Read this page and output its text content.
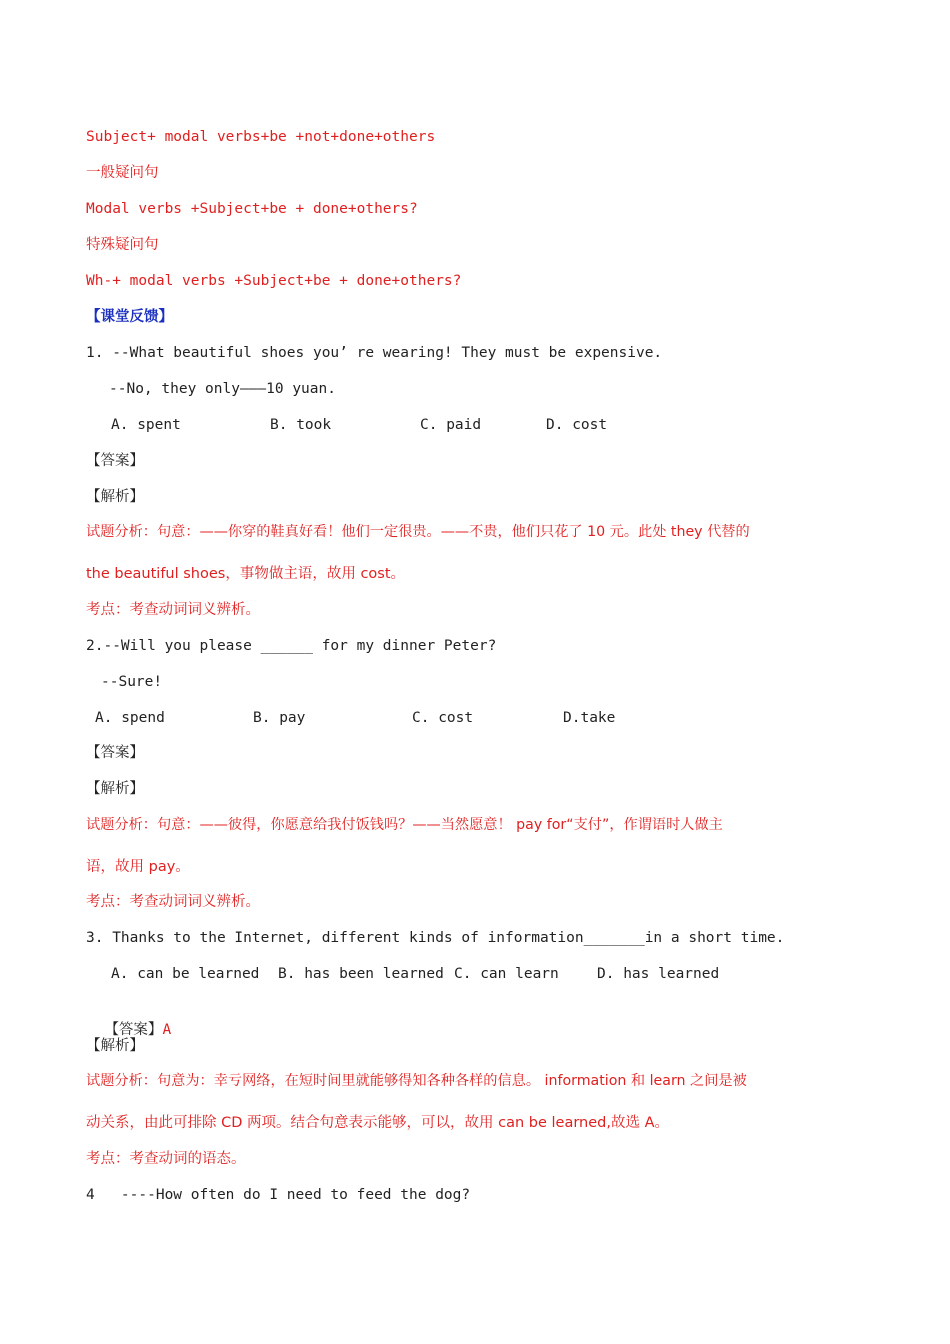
Subject+ modal verbs+be +not+done+others
一般疑问句
Modal verbs +Subject+be + done+others?
特殊疑问句
Wh-+ modal verbs +Subject+be + done+others?
【课堂反馈】
1. --What beautiful shoes you’ re wearing! They must be expensive.
--No, they only———10 yuan.
A. spent	B. took	C. paid	D. cost
【答案】
【解析】
试题分析：句意：——你穿的鞋真好看！他们一定很贵。——不贵，他们只花了 10 元。此处 they 代替的
the beautiful shoes，事物做主语，故用 cost。
考点：考查动词词义辨析。
2.--Will you please ______ for my dinner Peter?
--Sure!
A. spend	B. pay	C. cost	D.take
【答案】
【解析】
试题分析：句意：——彼得，你愿意给我付饭钱吗？——当然愿意！ pay for“支付”，作谓语时人做主
语，故用 pay。
考点：考查动词词义辨析。
3. Thanks to the Internet, different kinds of information_______in a short time.
A. can be learned B. has been learned C. can learn	D. has learned

【答案】A

【解析】
试题分析：句意为：幸亏网络，在短时间里就能够得知各种各样的信息。 information 和 learn 之间是被
动关系，由此可排除 CD 两项。结合句意表示能够，可以，故用 can be learned,故选 A。
考点：考查动词的语态。
4   ----How often do I need to feed the dog?
